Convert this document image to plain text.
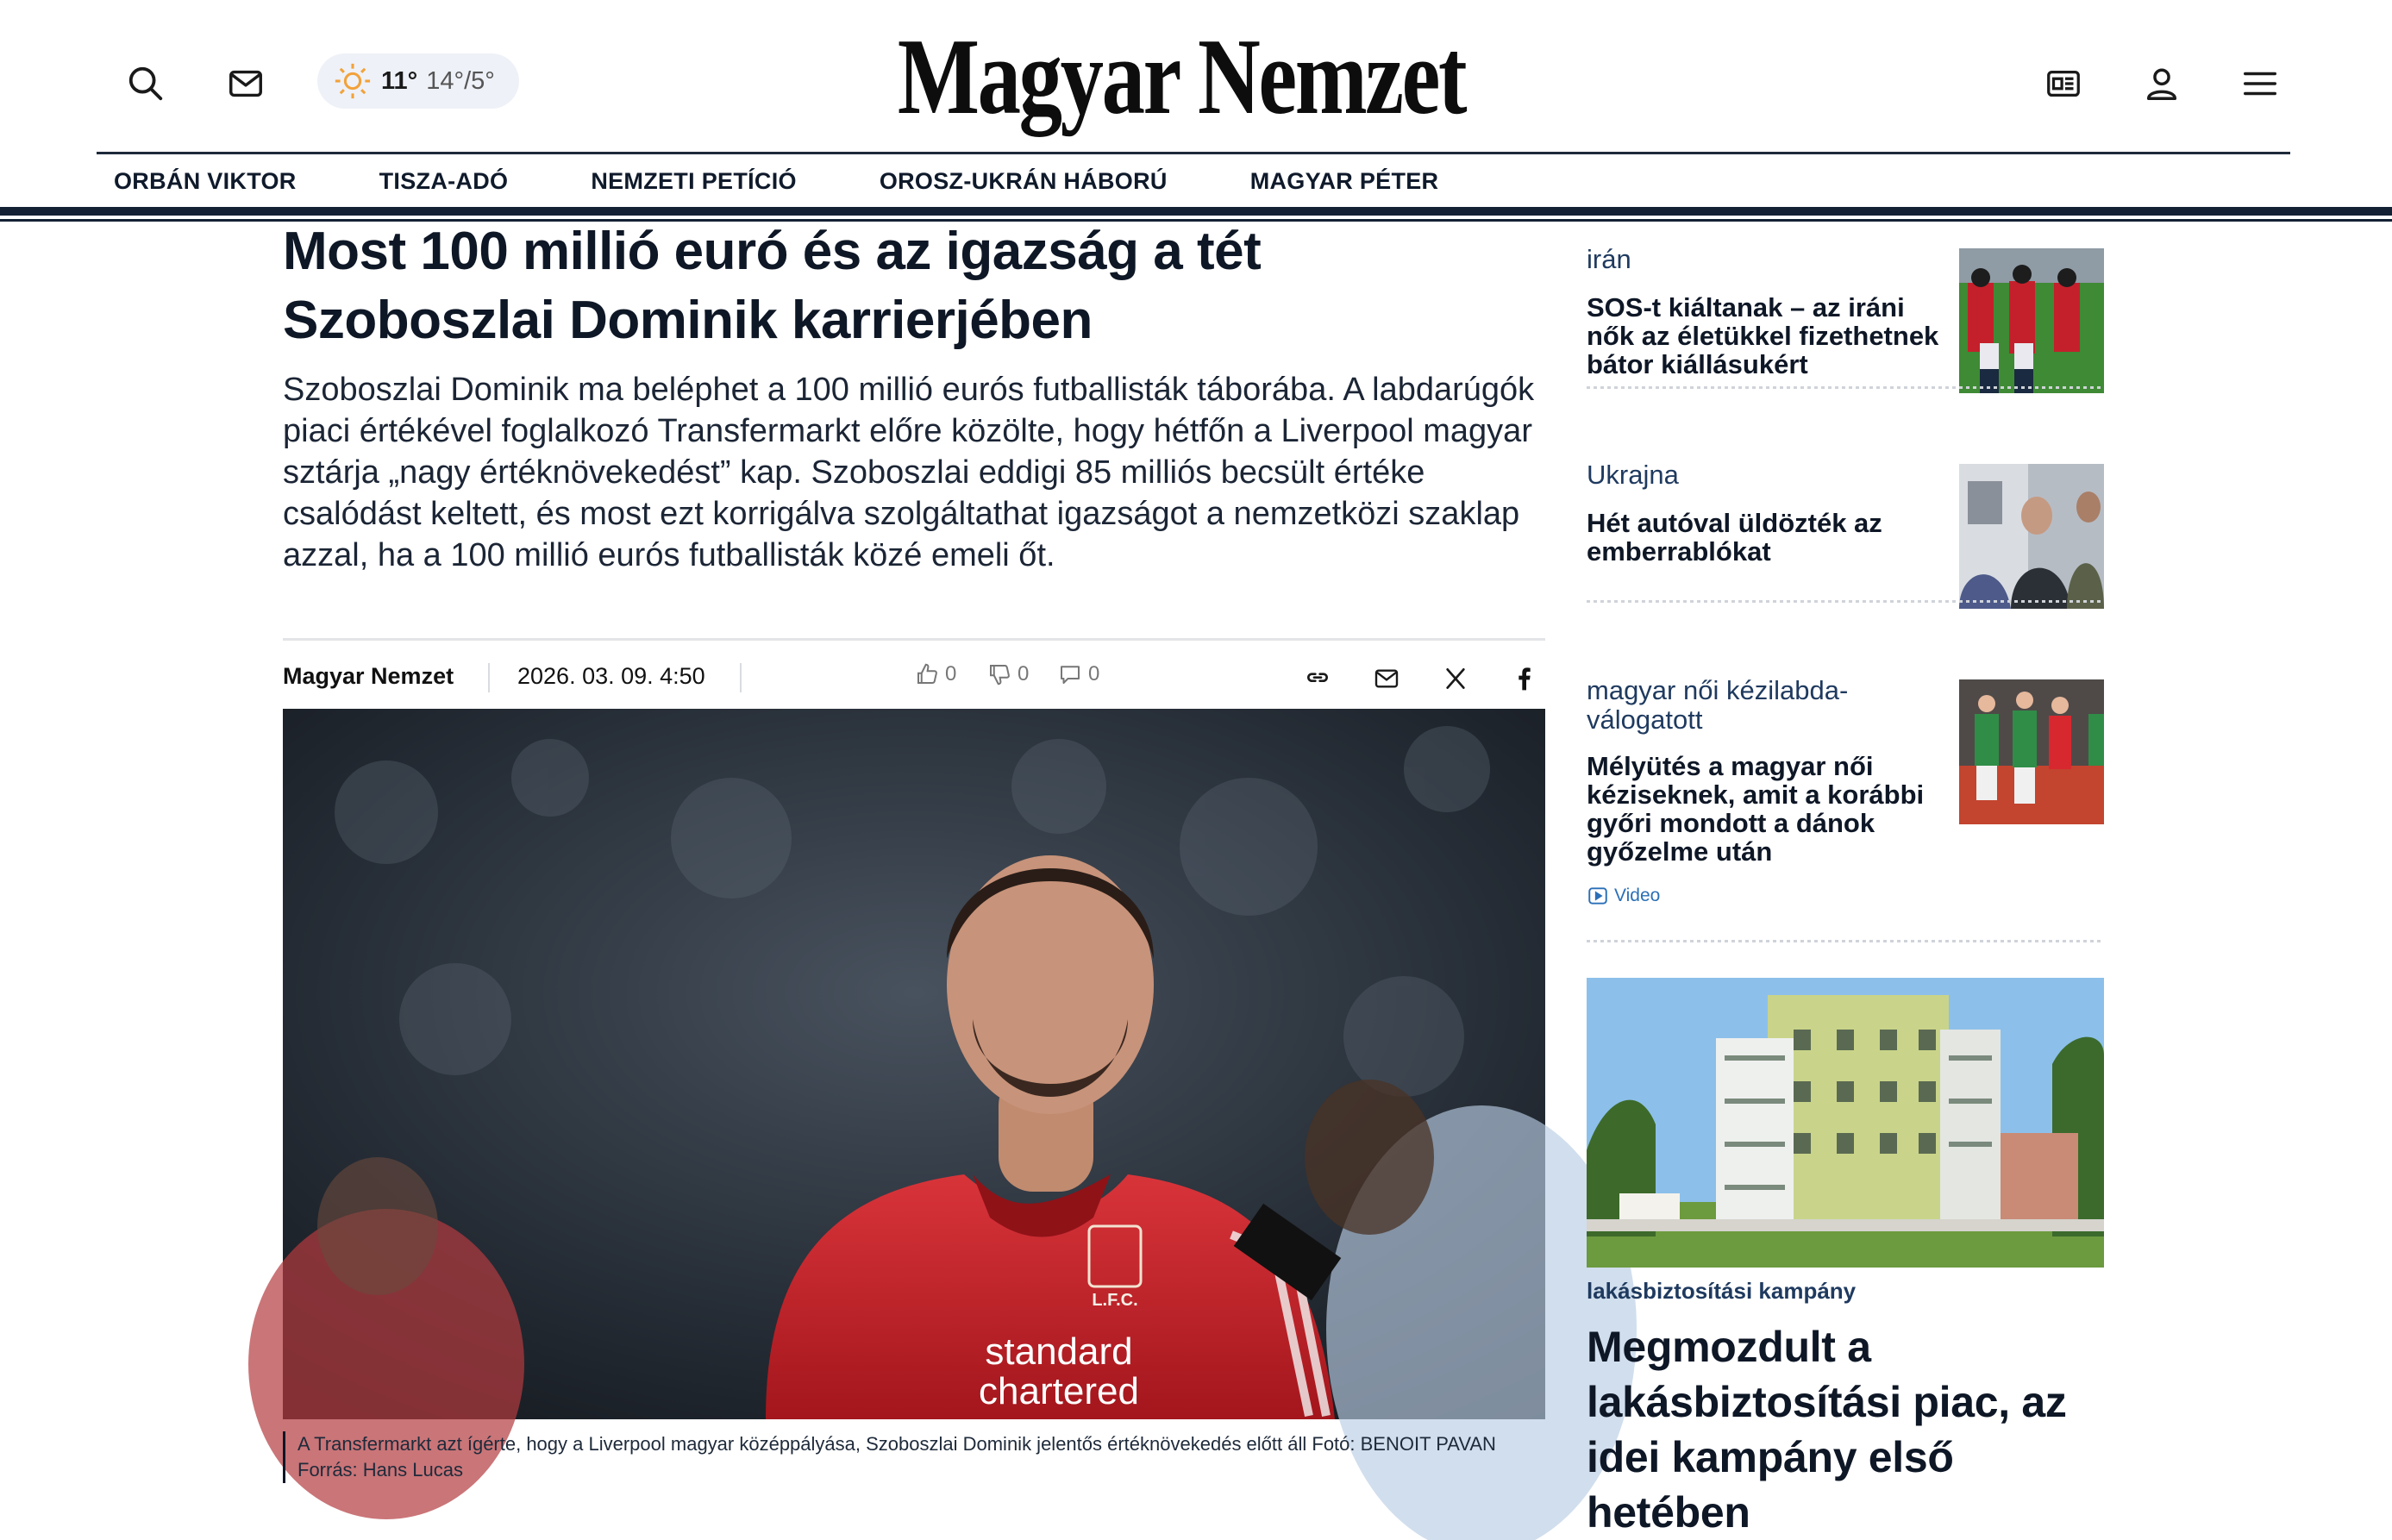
11° 14°/5°	Magyar Nemzet
ORBÁN VIKTOR	TISZA-ADÓ	NEMZETI PETÍCIÓ	OROSZ-UKRÁN HÁBORÚ	MAGYAR PÉTER
Most 100 millió euró és az igazság a tét Szoboszlai Dominik karrierjében

Szoboszlai Dominik ma beléphet a 100 millió eurós futballisták táborába. A labdarúgók piaci értékével foglalkozó Transfermarkt előre közölte, hogy hétfőn a Liverpool magyar sztárja „nagy értéknövekedést” kap. Szoboszlai eddigi 85 milliós becsült értéke csalódást keltett, és most ezt korrigálva szolgáltathat igazságot a nemzetközi szaklap azzal, ha a 100 millió eurós futballisták közé emeli őt.

Magyar Nemzet	2026. 03. 09. 4:50	0	0	0
L.F.C.
standard
chartered

A Transfermarkt azt ígérte, hogy a Liverpool magyar középpályása, Szoboszlai Dominik jelentős értéknövekedés előtt áll Fotó: BENOIT PAVAN Forrás: Hans Lucas

irán
SOS-t kiáltanak – az iráni nők az életükkel fizethetnek bátor kiállásukért
Ukrajna
Hét autóval üldözték az emberrablókat
magyar női kézilabda-válogatott
Mélyütés a magyar női kéziseknek, amit a korábbi győri mondott a dánok győzelme után
Video
lakásbiztosítási kampány
Megmozdult a lakásbiztosítási piac, az idei kampány első hetében
